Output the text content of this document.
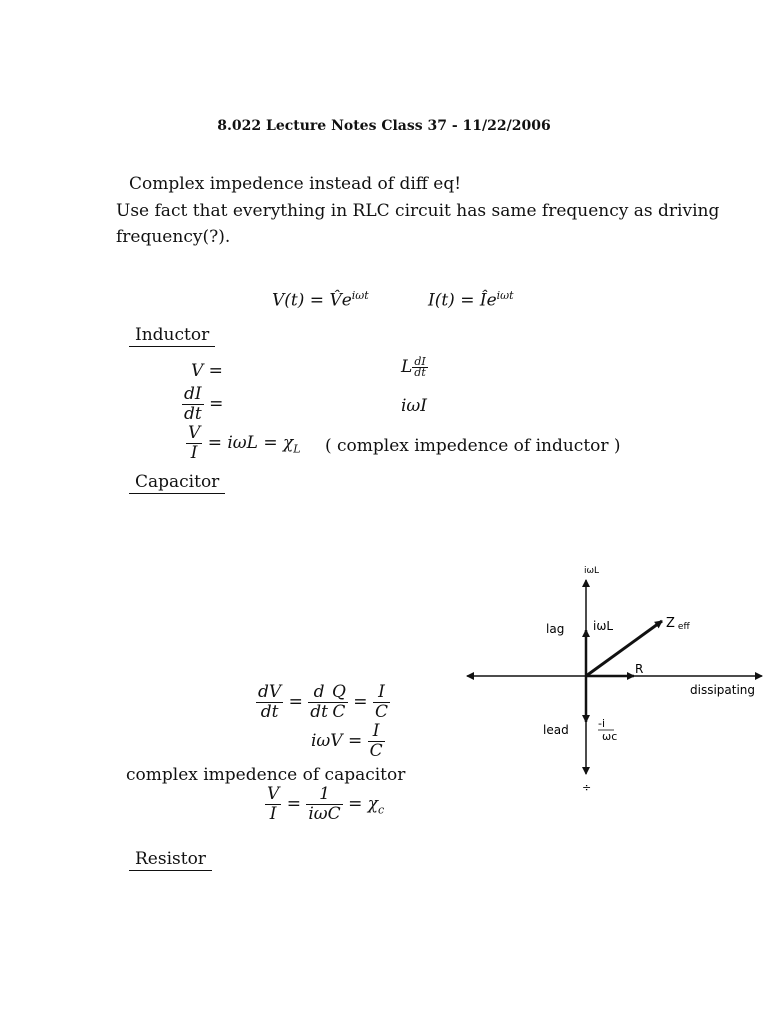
8.022 Lecture Notes Class 37 - 11/22/2006
Complex impedence instead of diff eq!
Use fact that everything in RLC circuit has same frequency as driving
frequency(?).
$V(t) = V̂e^{i\omega t}$	$I(t) = Îe^{i\omega t}$
Inductor
V =	L $\frac{dI}{dt}$
$\frac{dI}{dt}$ =	iωI
$\frac{V}{I} = i\omega L = \chi_L$ ( complex impedence of inductor )
Capacitor
$\frac{dV}{dt} = \frac{d}{dt} \frac{Q}{C} = \frac{I}{C}$
$i\omega V = \frac{I}{C}$
complex impedence of capacitor
$\frac{V}{I} = \frac{1}{\text{iωC}} = \chi_c$
Resistor
iωL
÷
lag iωL	Z eff
R
dissipating
lead	-i
ωc
